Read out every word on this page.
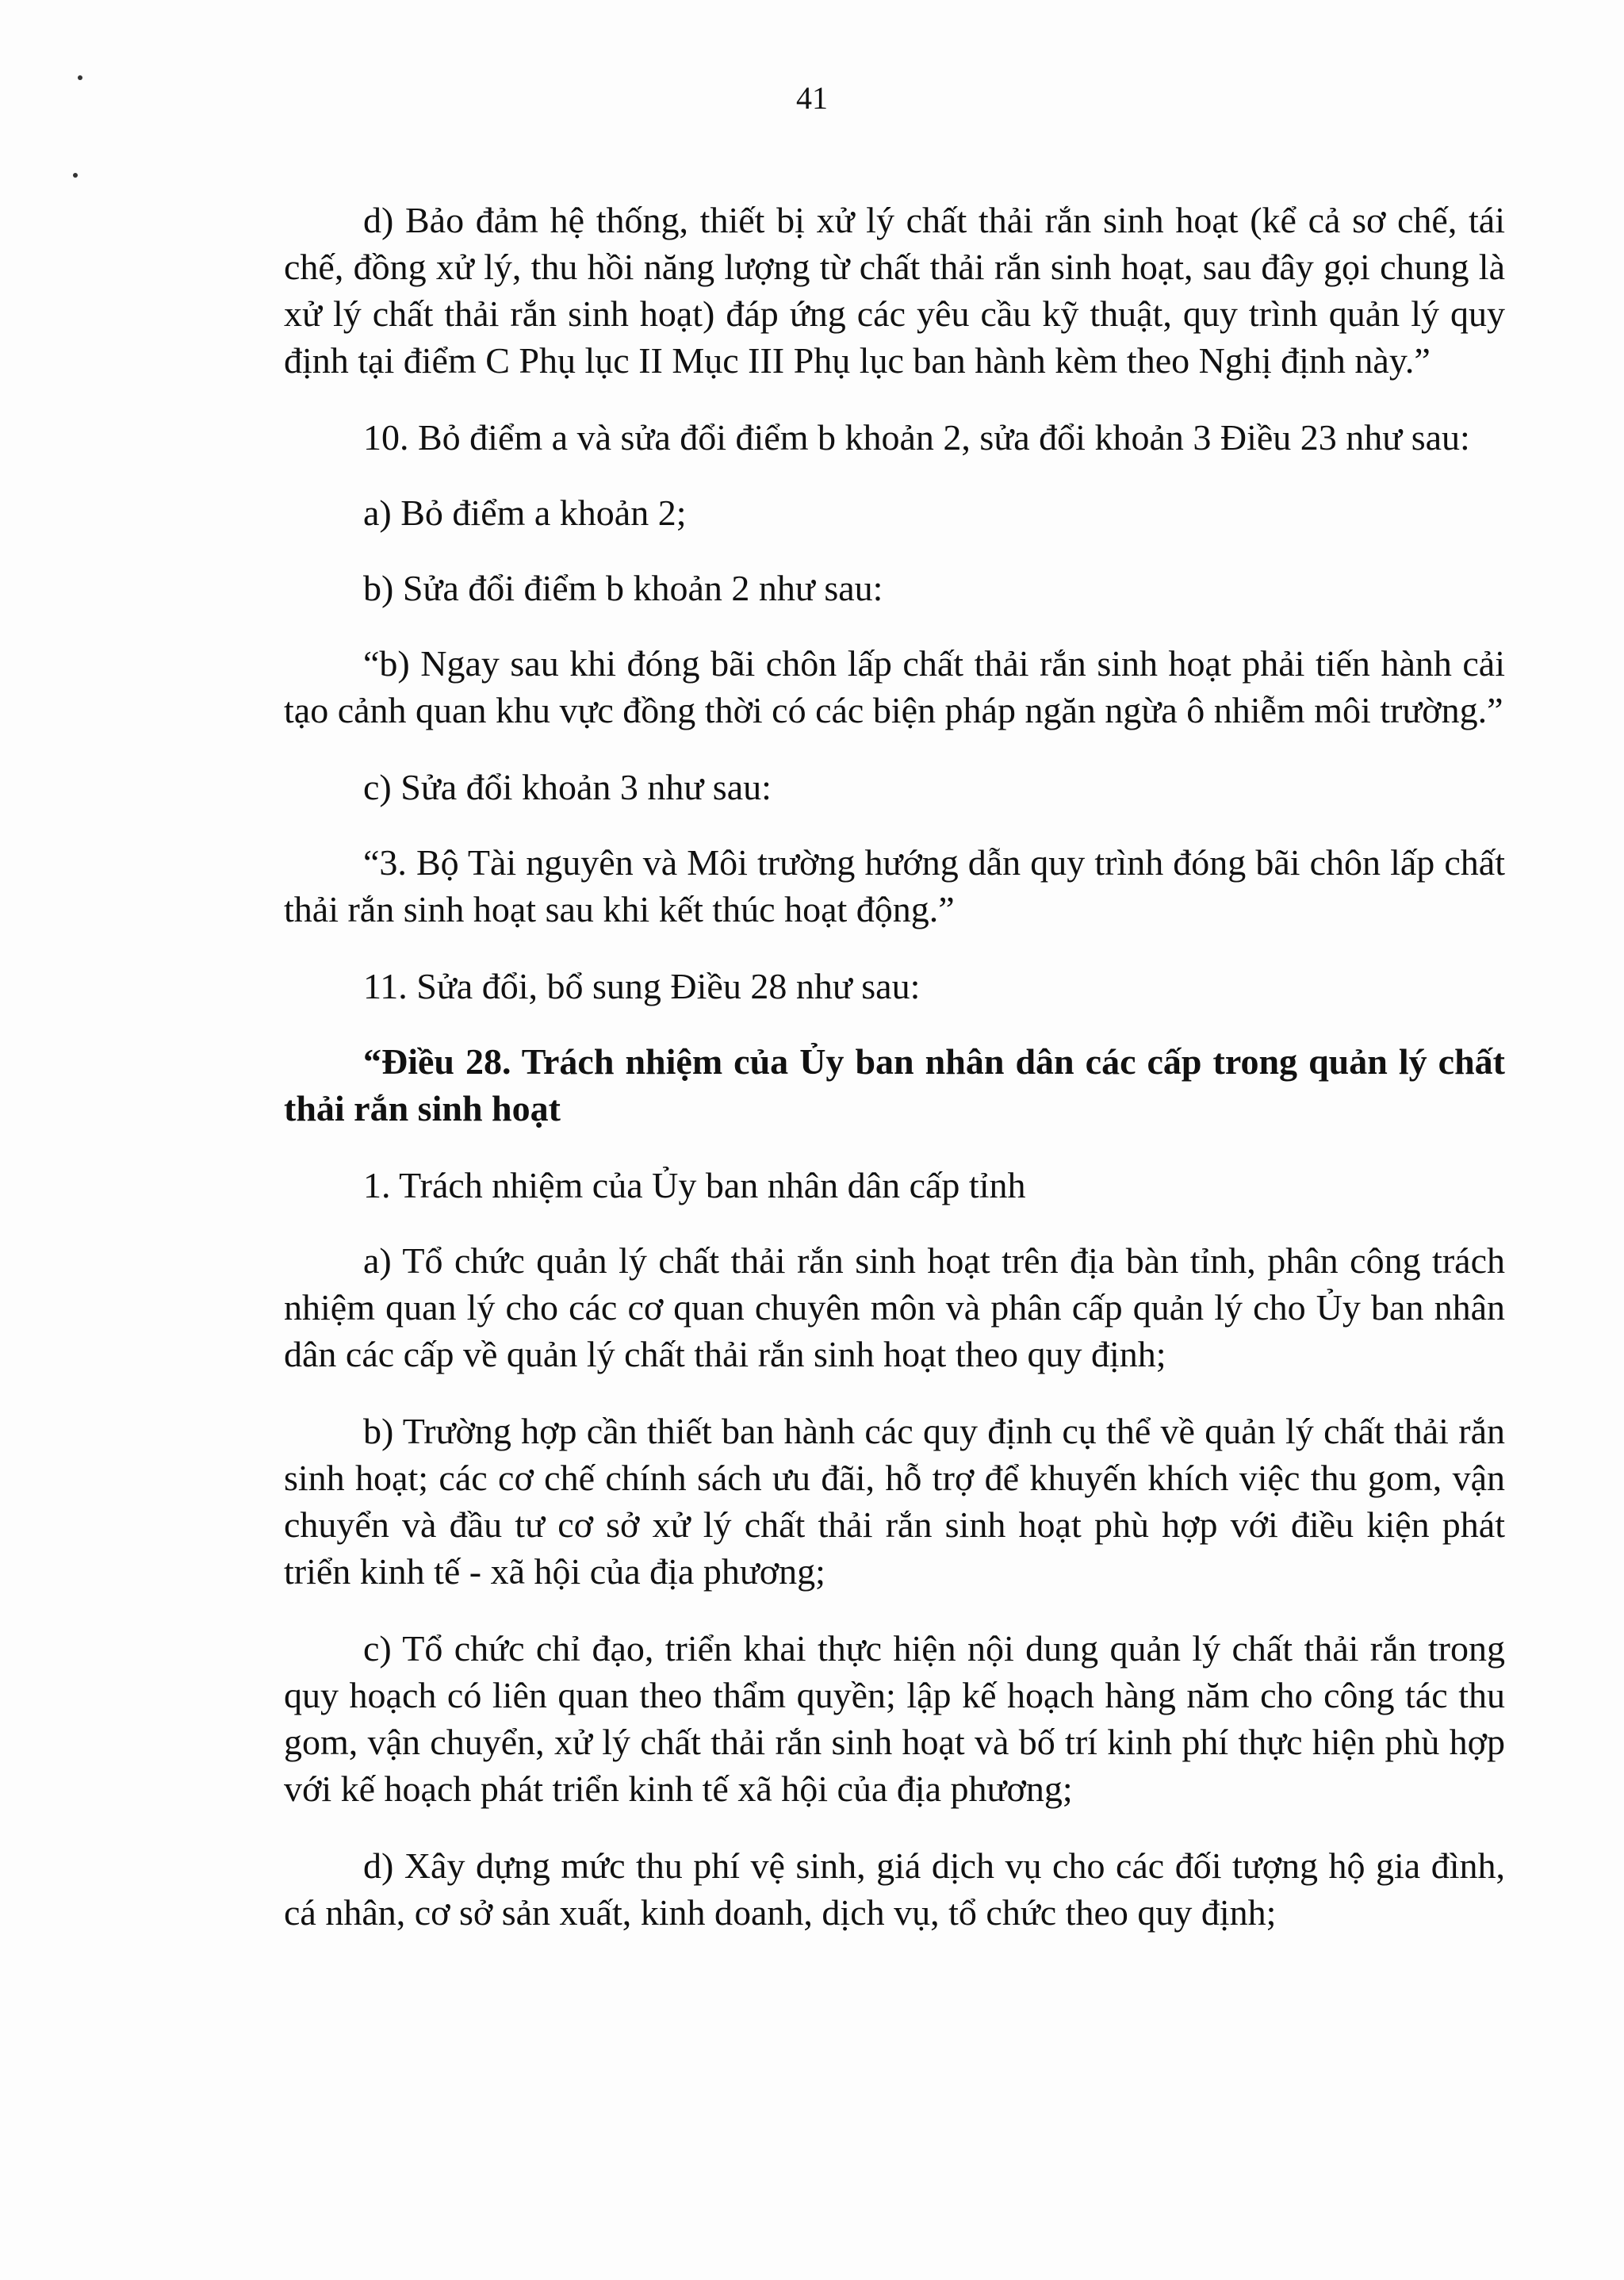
41

d) Bảo đảm hệ thống, thiết bị xử lý chất thải rắn sinh hoạt (kể cả sơ chế, tái chế, đồng xử lý, thu hồi năng lượng từ chất thải rắn sinh hoạt, sau đây gọi chung là xử lý chất thải rắn sinh hoạt) đáp ứng các yêu cầu kỹ thuật, quy trình quản lý quy định tại điểm C Phụ lục II Mục III Phụ lục ban hành kèm theo Nghị định này.”

10. Bỏ điểm a và sửa đổi điểm b khoản 2, sửa đổi khoản 3 Điều 23 như sau:

a) Bỏ điểm a khoản 2;

b) Sửa đổi điểm b khoản 2 như sau:

“b) Ngay sau khi đóng bãi chôn lấp chất thải rắn sinh hoạt phải tiến hành cải tạo cảnh quan khu vực đồng thời có các biện pháp ngăn ngừa ô nhiễm môi trường.”

c) Sửa đổi khoản 3 như sau:

“3. Bộ Tài nguyên và Môi trường hướng dẫn quy trình đóng bãi chôn lấp chất thải rắn sinh hoạt sau khi kết thúc hoạt động.”

11. Sửa đổi, bổ sung Điều 28 như sau:

“Điều 28. Trách nhiệm của Ủy ban nhân dân các cấp trong quản lý chất thải rắn sinh hoạt

1. Trách nhiệm của Ủy ban nhân dân cấp tỉnh

a) Tổ chức quản lý chất thải rắn sinh hoạt trên địa bàn tỉnh, phân công trách nhiệm quan lý cho các cơ quan chuyên môn và phân cấp quản lý cho Ủy ban nhân dân các cấp về quản lý chất thải rắn sinh hoạt theo quy định;

b) Trường hợp cần thiết ban hành các quy định cụ thể về quản lý chất thải rắn sinh hoạt; các cơ chế chính sách ưu đãi, hỗ trợ để khuyến khích việc thu gom, vận chuyển và đầu tư cơ sở xử lý chất thải rắn sinh hoạt phù hợp với điều kiện phát triển kinh tế - xã hội của địa phương;

c) Tổ chức chỉ đạo, triển khai thực hiện nội dung quản lý chất thải rắn trong quy hoạch có liên quan theo thẩm quyền; lập kế hoạch hàng năm cho công tác thu gom, vận chuyển, xử lý chất thải rắn sinh hoạt và bố trí kinh phí thực hiện phù hợp với kế hoạch phát triển kinh tế xã hội của địa phương;

d) Xây dựng mức thu phí vệ sinh, giá dịch vụ cho các đối tượng hộ gia đình, cá nhân, cơ sở sản xuất, kinh doanh, dịch vụ, tổ chức theo quy định;
